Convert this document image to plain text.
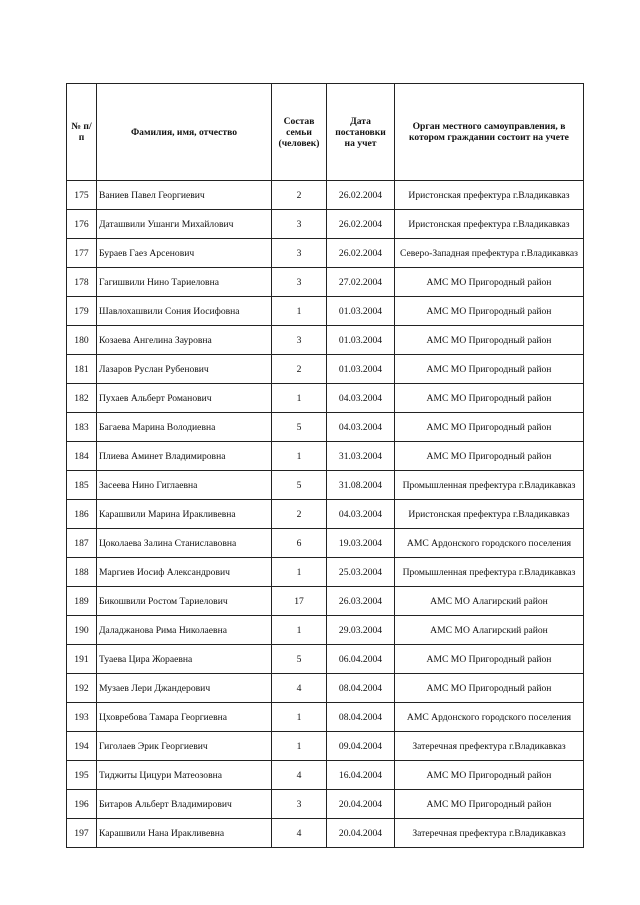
№ п/п	Фамилия, имя, отчество	Состав семьи (человек)	Дата постановки на учет	Орган местного самоуправления, в котором граждании состоит на учете
175	Ваниев Павел Георгиевич	2	26.02.2004	Иристонская префектура г.Владикавказ
176	Даташвили Ушанги Михайлович	3	26.02.2004	Иристонская префектура г.Владикавказ
177	Бураев Гаез Арсенович	3	26.02.2004	Северо-Западная префектура г.Владикавказ
178	Гагишвили Нино Тариеловна	3	27.02.2004	АМС МО Пригородный район
179	Шавлохашвили Сония Иосифовна	1	01.03.2004	АМС МО Пригородный район
180	Козаева Ангелина Зауровна	3	01.03.2004	АМС МО Пригородный район
181	Лазаров Руслан Рубенович	2	01.03.2004	АМС МО Пригородный район
182	Пухаев Альберт Романович	1	04.03.2004	АМС МО Пригородный район
183	Багаева Марина Володиевна	5	04.03.2004	АМС МО Пригородный район
184	Плиева Аминет Владимировна	1	31.03.2004	АМС МО Пригородный район
185	Засеева Нино Гиглаевна	5	31.08.2004	Промышленная префектура г.Владикавказ
186	Карашвили Марина Иракливевна	2	04.03.2004	Иристонская префектура г.Владикавказ
187	Цоколаева Залина Станиславовна	6	19.03.2004	АМС Ардонского городского поселения
188	Маргиев Иосиф Александрович	1	25.03.2004	Промышленная префектура г.Владикавказ
189	Бикошвили Ростом Тариелович	17	26.03.2004	АМС МО Алагирский район
190	Даладжанова Рима Николаевна	1	29.03.2004	АМС МО Алагирский район
191	Туаева Цира Жораевна	5	06.04.2004	АМС МО Пригородный район
192	Музаев Лери Джандерович	4	08.04.2004	АМС МО Пригородный район
193	Цховребова Тамара Георгиевна	1	08.04.2004	АМС Ардонского городского поселения
194	Гиголаев Эрик Георгиевич	1	09.04.2004	Затеречная префектура г.Владикавказ
195	Тиджиты Цицури Матеозовна	4	16.04.2004	АМС МО Пригородный район
196	Битаров Альберт Владимирович	3	20.04.2004	АМС МО Пригородный район
197	Карашвили Нана Иракливевна	4	20.04.2004	Затеречная префектура г.Владикавказ
